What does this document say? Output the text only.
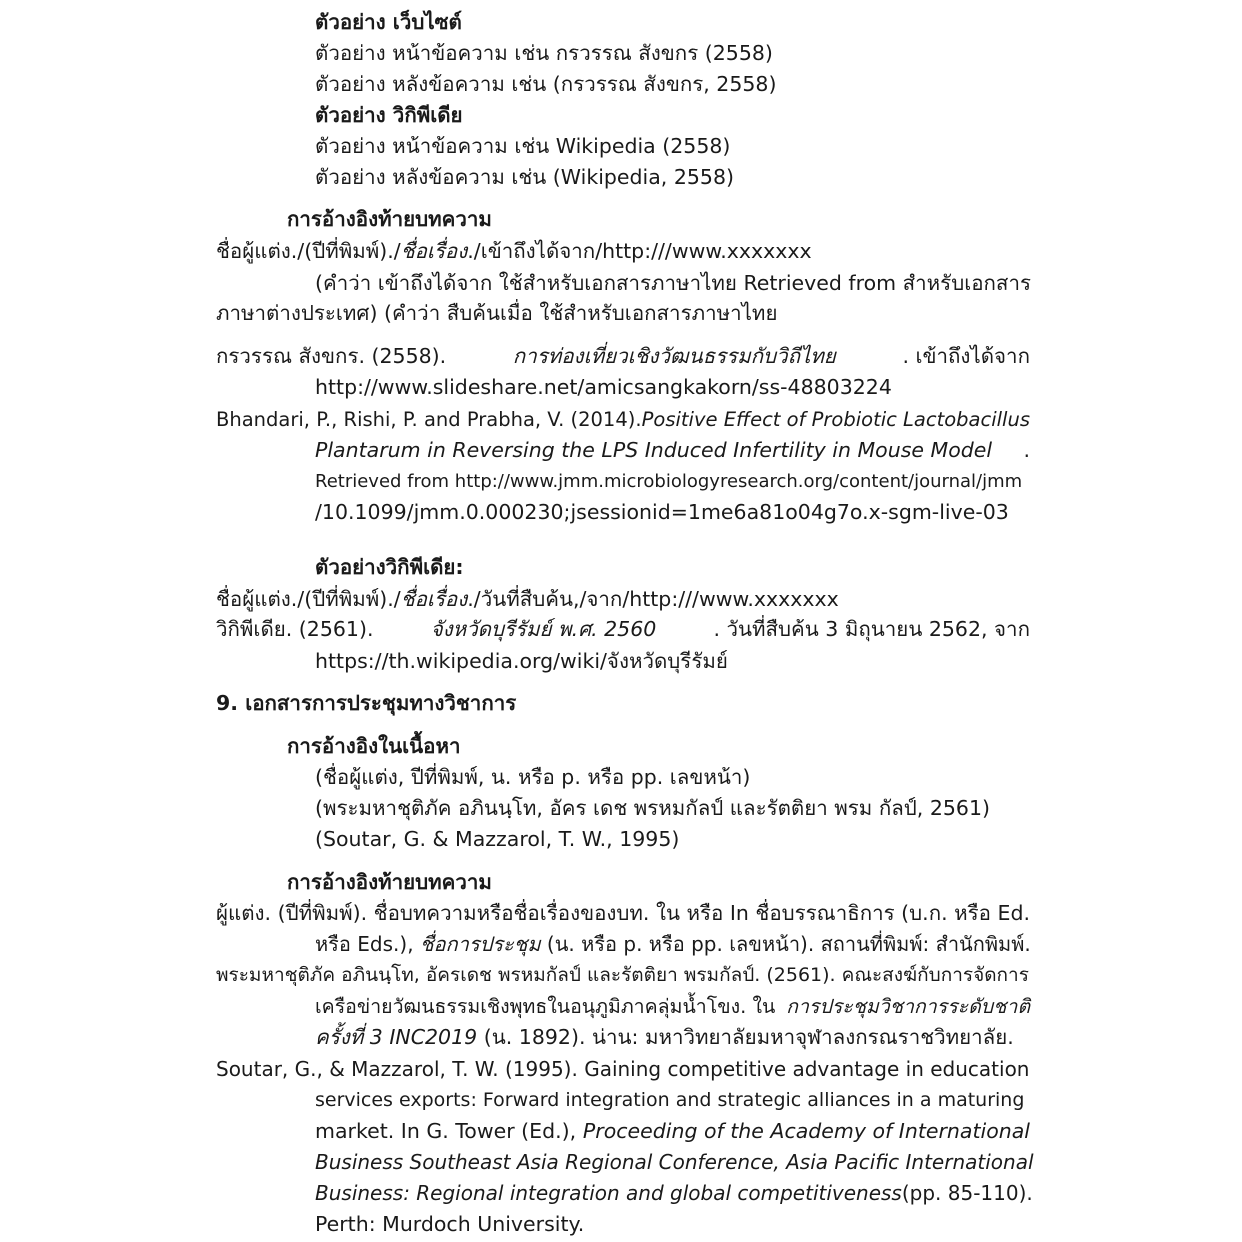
ตัวอย่าง เว็บไซต์
ตัวอย่าง หน้าข้อความ เช่น กรวรรณ สังขกร (2558)
ตัวอย่าง หลังข้อความ เช่น (กรวรรณ สังขกร, 2558)
ตัวอย่าง วิกิพีเดีย
ตัวอย่าง หน้าข้อความ เช่น Wikipedia (2558)
ตัวอย่าง หลังข้อความ เช่น (Wikipedia, 2558)
การอ้างอิงท้ายบทความ
ชื่อผู้แต่ง./(ปีที่พิมพ์)./ชื่อเรื่อง./เข้าถึงได้จาก/http:///www.xxxxxxx
(คำว่า เข้าถึงได้จาก ใช้สำหรับเอกสารภาษาไทย Retrieved from สำหรับเอกสาร
ภาษาต่างประเทศ) (คำว่า สืบค้นเมื่อ ใช้สำหรับเอกสารภาษาไทย
กรวรรณ สังขกร. (2558).	การท่องเที่ยวเชิงวัฒนธรรมกับวิถีไทย	. เข้าถึงได้จาก
http://www.slideshare.net/amicsangkakorn/ss-48803224
Bhandari, P., Rishi, P. and Prabha, V. (2014). Positive Effect of Probiotic Lactobacillus
Plantarum in Reversing the LPS Induced Infertility in Mouse Model .
Retrieved from http://www.jmm.microbiologyresearch.org/content/journal/jmm
/10.1099/jmm.0.000230;jsessionid=1me6a81o04g7o.x-sgm-live-03
ตัวอย่างวิกิพีเดีย:
ชื่อผู้แต่ง./(ปีที่พิมพ์)./ชื่อเรื่อง./วันที่สืบค้น,/จาก/http:///www.xxxxxxx
วิกิพีเดีย. (2561).	จังหวัดบุรีรัมย์ พ.ศ. 2560	. วันที่สืบค้น 3 มิถุนายน 2562, จาก
https://th.wikipedia.org/wiki/จังหวัดบุรีรัมย์
9. เอกสารการประชุมทางวิชาการ
การอ้างอิงในเนื้อหา
(ชื่อผู้แต่ง, ปีที่พิมพ์, น. หรือ p. หรือ pp. เลขหน้า)
(พระมหาชุติภัค อภินนฺโท, อัคร เดช พรหมกัลป์ และรัตติยา พรม กัลป์, 2561)
(Soutar, G. & Mazzarol, T. W., 1995)
การอ้างอิงท้ายบทความ
ผู้แต่ง. (ปีที่พิมพ์). ชื่อบทความหรือชื่อเรื่องของบท. ใน หรือ In ชื่อบรรณาธิการ (บ.ก. หรือ Ed.
หรือ Eds.), ชื่อการประชุม (น. หรือ p. หรือ pp. เลขหน้า). สถานที่พิมพ์: สำนักพิมพ์.
พระมหาชุติภัค อภินนฺโท, อัครเดช พรหมกัลป์ และรัตติยา พรมกัลป์. (2561). คณะสงฆ์กับการจัดการ
เครือข่ายวัฒนธรรมเชิงพุทธในอนุภูมิภาคลุ่มน้ำโขง. ใน การประชุมวิชาการระดับชาติ
ครั้งที่ 3 INC2019 (น. 1892). น่าน: มหาวิทยาลัยมหาจุฬาลงกรณราชวิทยาลัย.
Soutar, G., & Mazzarol, T. W. (1995). Gaining competitive advantage in education
services exports: Forward integration and strategic alliances in a maturing
market. In G. Tower (Ed.), Proceeding of the Academy of International
Business Southeast Asia Regional Conference, Asia Pacific International
Business: Regional integration and global competitiveness (pp. 85-110).
Perth: Murdoch University.
